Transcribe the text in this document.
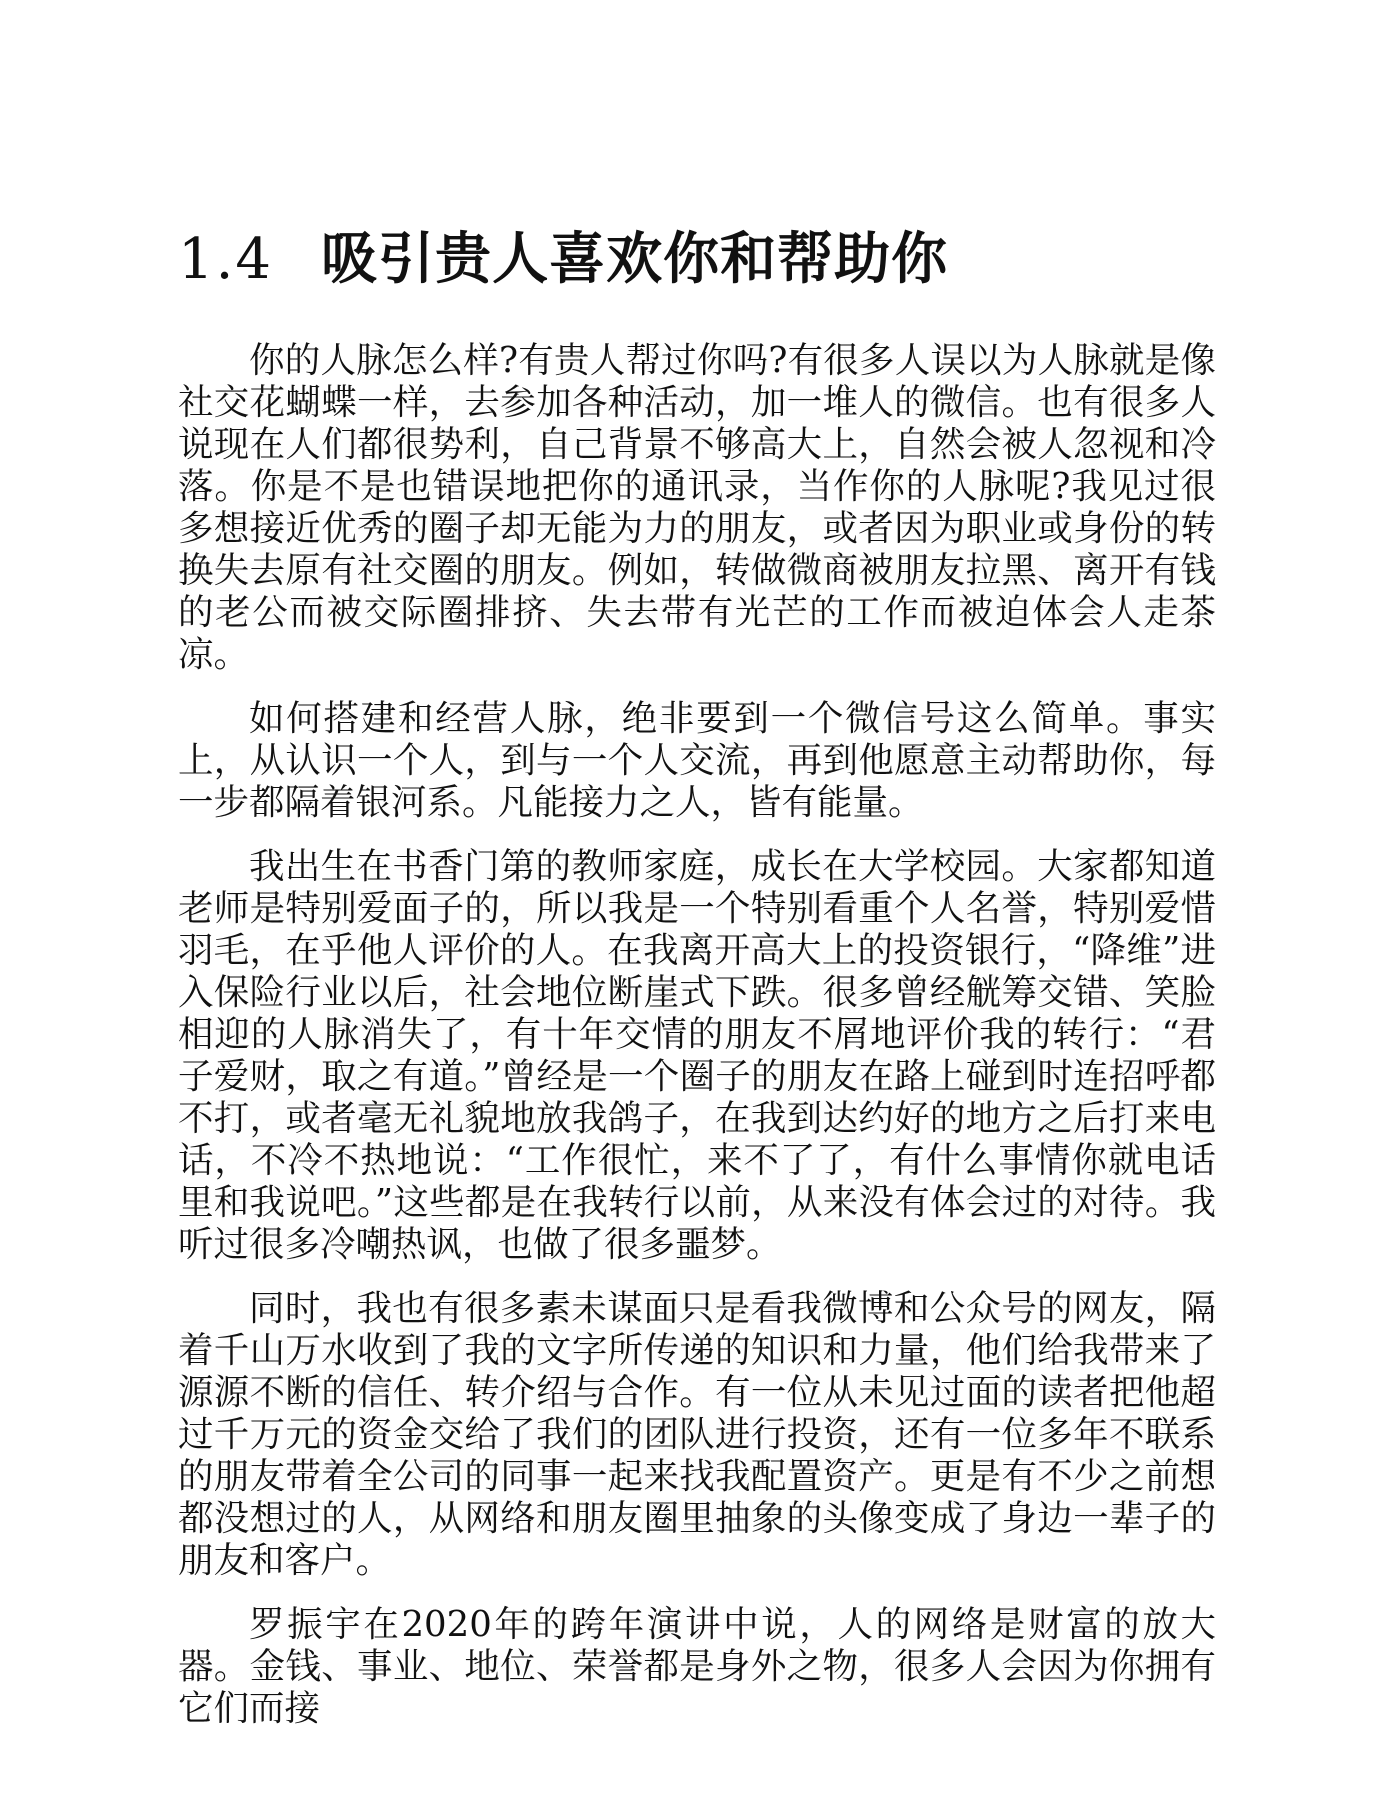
1.4 吸引贵人喜欢你和帮助你

你的人脉怎么样?有贵人帮过你吗?有很多人误以为人脉就是像社交花蝴蝶一样，去参加各种活动，加一堆人的微信。也有很多人说现在人们都很势利，自己背景不够高大上，自然会被人忽视和冷落。你是不是也错误地把你的通讯录，当作你的人脉呢?我见过很多想接近优秀的圈子却无能为力的朋友，或者因为职业或身份的转换失去原有社交圈的朋友。例如，转做微商被朋友拉黑、离开有钱的老公而被交际圈排挤、失去带有光芒的工作而被迫体会人走茶凉。

如何搭建和经营人脉，绝非要到一个微信号这么简单。事实上，从认识一个人，到与一个人交流，再到他愿意主动帮助你，每一步都隔着银河系。凡能接力之人，皆有能量。

我出生在书香门第的教师家庭，成长在大学校园。大家都知道老师是特别爱面子的，所以我是一个特别看重个人名誉，特别爱惜羽毛，在乎他人评价的人。在我离开高大上的投资银行，“降维”进入保险行业以后，社会地位断崖式下跌。很多曾经觥筹交错、笑脸相迎的人脉消失了，有十年交情的朋友不屑地评价我的转行：“君子爱财，取之有道。”曾经是一个圈子的朋友在路上碰到时连招呼都不打，或者毫无礼貌地放我鸽子，在我到达约好的地方之后打来电话，不冷不热地说：“工作很忙，来不了了，有什么事情你就电话里和我说吧。”这些都是在我转行以前，从来没有体会过的对待。我听过很多冷嘲热讽，也做了很多噩梦。

同时，我也有很多素未谋面只是看我微博和公众号的网友，隔着千山万水收到了我的文字所传递的知识和力量，他们给我带来了源源不断的信任、转介绍与合作。有一位从未见过面的读者把他超过千万元的资金交给了我们的团队进行投资，还有一位多年不联系的朋友带着全公司的同事一起来找我配置资产。更是有不少之前想都没想过的人，从网络和朋友圈里抽象的头像变成了身边一辈子的朋友和客户。

罗振宇在2020年的跨年演讲中说，人的网络是财富的放大器。金钱、事业、地位、荣誉都是身外之物，很多人会因为你拥有它们而接
